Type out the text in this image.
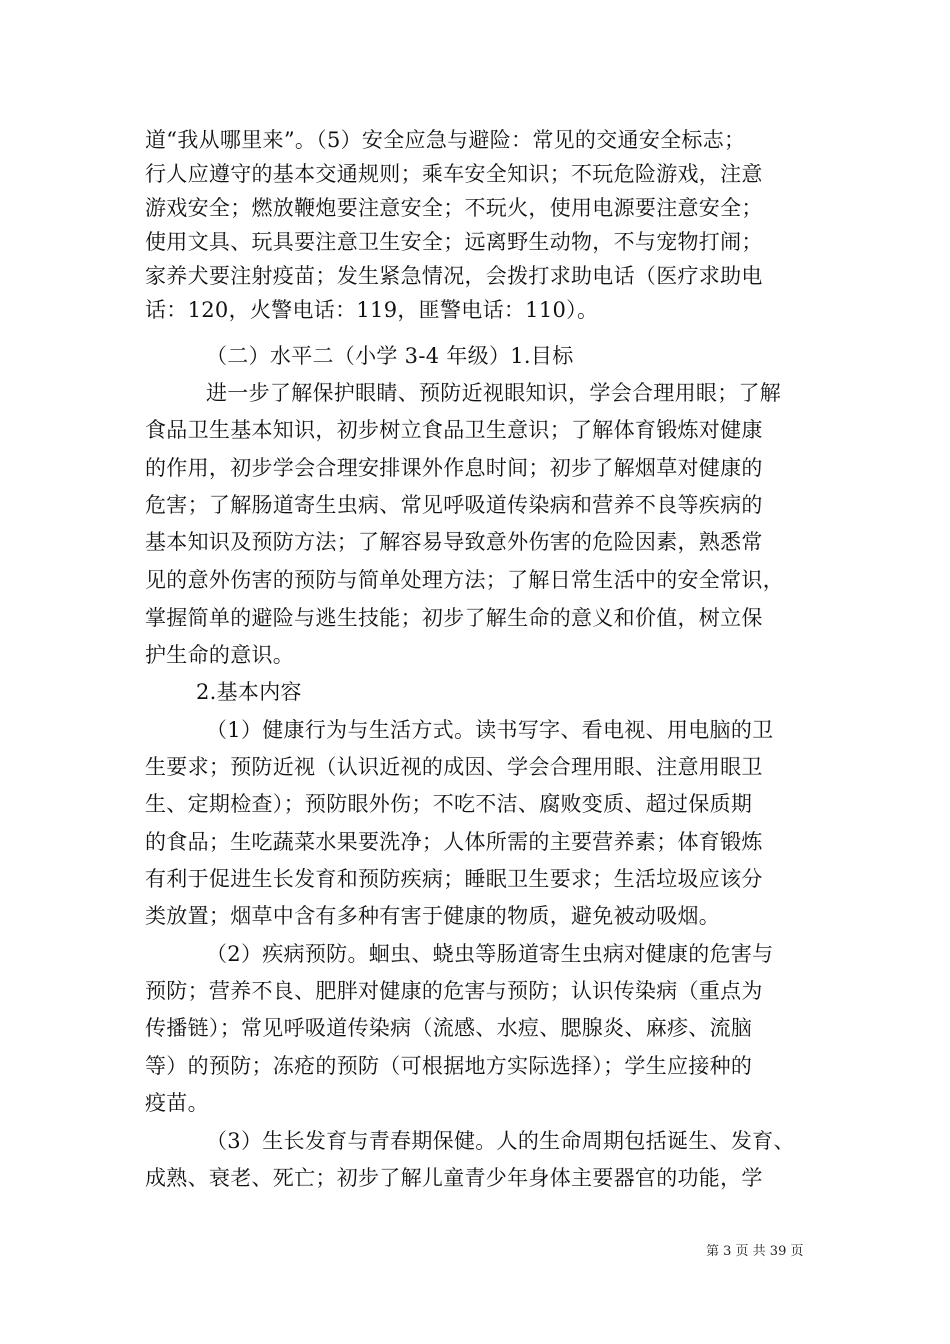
道“我从哪里来”。（5）安全应急与避险：常见的交通安全标志；
行人应遵守的基本交通规则；乘车安全知识；不玩危险游戏，注意
游戏安全；燃放鞭炮要注意安全；不玩火，使用电源要注意安全；
使用文具、玩具要注意卫生安全；远离野生动物，不与宠物打闹；
家养犬要注射疫苗；发生紧急情况，会拨打求助电话（医疗求助电
话：120，火警电话：119，匪警电话：110）。
（二）水平二（小学 3-4 年级）1.目标
进一步了解保护眼睛、预防近视眼知识，学会合理用眼；了解
食品卫生基本知识，初步树立食品卫生意识；了解体育锻炼对健康
的作用，初步学会合理安排课外作息时间；初步了解烟草对健康的
危害；了解肠道寄生虫病、常见呼吸道传染病和营养不良等疾病的
基本知识及预防方法；了解容易导致意外伤害的危险因素，熟悉常
见的意外伤害的预防与简单处理方法；了解日常生活中的安全常识，
掌握简单的避险与逃生技能；初步了解生命的意义和价值，树立保
护生命的意识。
2.基本内容
（1）健康行为与生活方式。读书写字、看电视、用电脑的卫
生要求；预防近视（认识近视的成因、学会合理用眼、注意用眼卫
生、定期检查）；预防眼外伤；不吃不洁、腐败变质、超过保质期
的食品；生吃蔬菜水果要洗净；人体所需的主要营养素；体育锻炼
有利于促进生长发育和预防疾病；睡眠卫生要求；生活垃圾应该分
类放置；烟草中含有多种有害于健康的物质，避免被动吸烟。
（2）疾病预防。蛔虫、蛲虫等肠道寄生虫病对健康的危害与
预防；营养不良、肥胖对健康的危害与预防；认识传染病（重点为
传播链）；常见呼吸道传染病（流感、水痘、腮腺炎、麻疹、流脑
等）的预防；冻疮的预防（可根据地方实际选择）；学生应接种的
疫苗。
（3）生长发育与青春期保健。人的生命周期包括诞生、发育、
成熟、衰老、死亡；初步了解儿童青少年身体主要器官的功能，学
第 3 页 共 39 页
